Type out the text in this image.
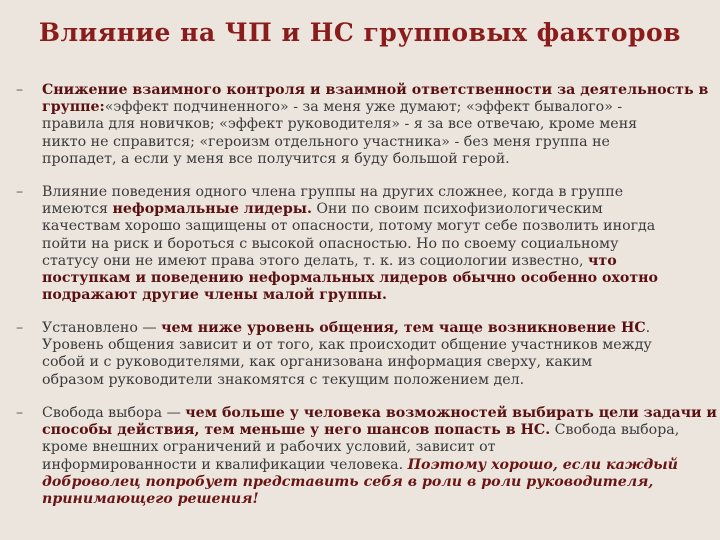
Влияние на ЧП и НС групповых факторов
– Снижение взаимного контроля и взаимной ответственности за деятельность в
группе:«эффект подчиненного» - за меня уже думают; «эффект бывалого» -
правила для новичков; «эффект руководителя» - я за все отвечаю, кроме меня
никто не справится; «героизм отдельного участника» - без меня группа не
пропадет, а если у меня все получится я буду большой герой.
– Влияние поведения одного члена группы на других сложнее, когда в группе
имеются неформальные лидеры. Они по своим психофизиологическим
качествам хорошо защищены от опасности, потому могут себе позволить иногда
пойти на риск и бороться с высокой опасностью. Но по своему социальному
статусу они не имеют права этого делать, т. к. из социологии известно, что
поступкам и поведению неформальных лидеров обычно особенно охотно
подражают другие члены малой группы.
– Установлено — чем ниже уровень общения, тем чаще возникновение НС.
Уровень общения зависит и от того, как происходит общение участников между
собой и с руководителями, как организована информация сверху, каким
образом руководители знакомятся с текущим положением дел.
– Свобода выбора — чем больше у человека возможностей выбирать цели задачи и
способы действия, тем меньше у него шансов попасть в НС. Свобода выбора,
кроме внешних ограничений и рабочих условий, зависит от
информированности и квалификации человека. Поэтому хорошо, если каждый
доброволец попробует представить себя в роли в роли руководителя,
принимающего решения!
